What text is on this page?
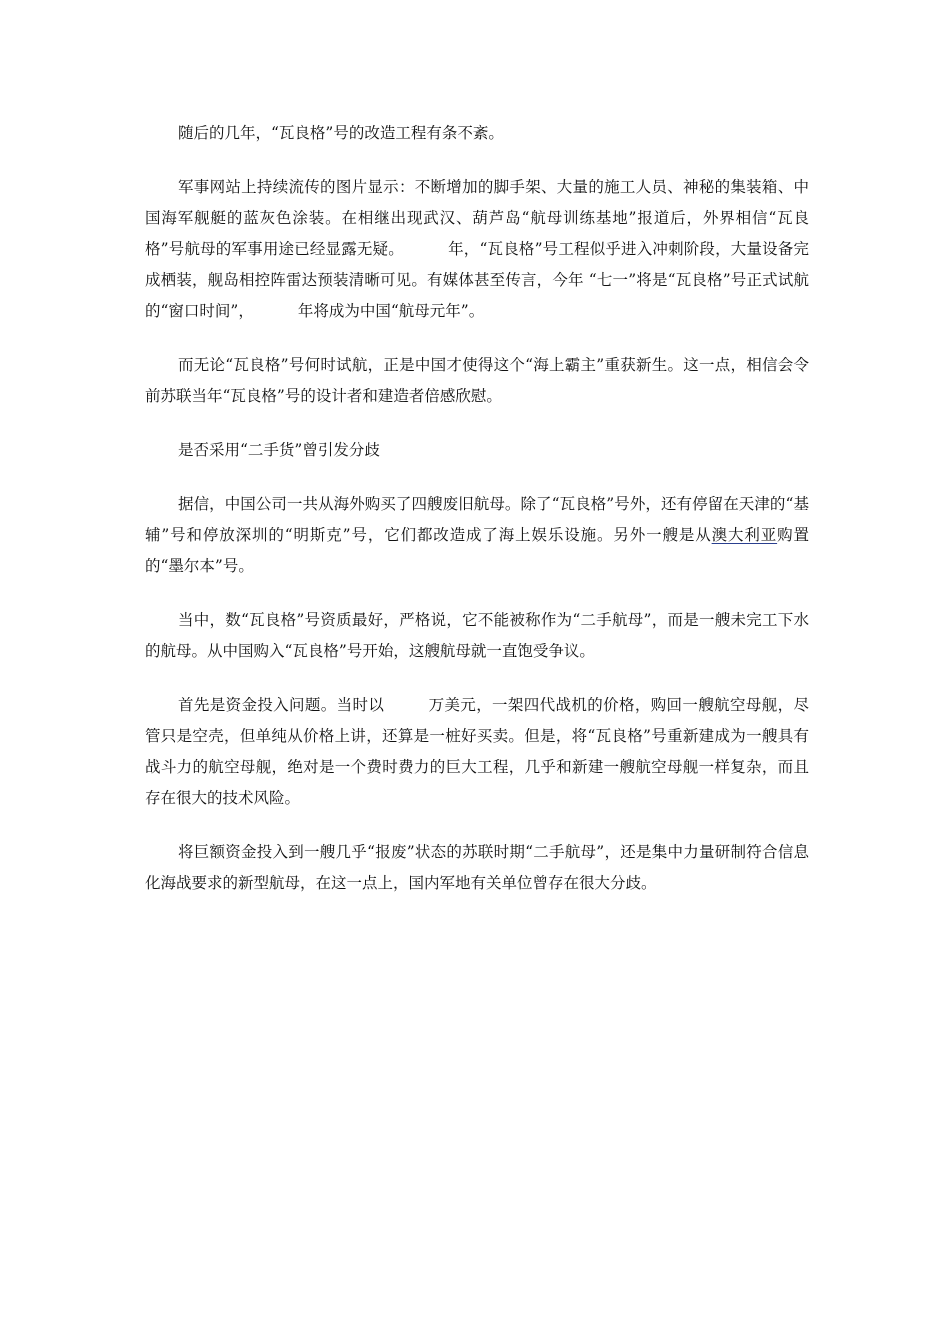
随后的几年，“瓦良格”号的改造工程有条不紊。

军事网站上持续流传的图片显示：不断增加的脚手架、大量的施工人员、神秘的集装箱、中国海军舰艇的蓝灰色涂装。在相继出现武汉、葫芦岛“航母训练基地”报道后，外界相信“瓦良格”号航母的军事用途已经显露无疑。	年，“瓦良格”号工程似乎进入冲刺阶段，大量设备完成栖装，舰岛相控阵雷达预装清晰可见。有媒体甚至传言，今年 “七一”将是“瓦良格”号正式试航的“窗口时间”，	年将成为中国“航母元年”。

而无论“瓦良格”号何时试航，正是中国才使得这个“海上霸主”重获新生。这一点，相信会令前苏联当年“瓦良格”号的设计者和建造者倍感欣慰。

是否采用“二手货”曾引发分歧

据信，中国公司一共从海外购买了四艘废旧航母。除了“瓦良格”号外，还有停留在天津的“基辅”号和停放深圳的“明斯克”号，它们都改造成了海上娱乐设施。另外一艘是从澳大利亚购置的“墨尔本”号。

当中，数“瓦良格”号资质最好，严格说，它不能被称作为“二手航母”，而是一艘未完工下水的航母。从中国购入“瓦良格”号开始，这艘航母就一直饱受争议。

首先是资金投入问题。当时以	万美元，一架四代战机的价格，购回一艘航空母舰，尽管只是空壳，但单纯从价格上讲，还算是一桩好买卖。但是，将“瓦良格”号重新建成为一艘具有战斗力的航空母舰，绝对是一个费时费力的巨大工程，几乎和新建一艘航空母舰一样复杂，而且存在很大的技术风险。

将巨额资金投入到一艘几乎“报废”状态的苏联时期“二手航母”，还是集中力量研制符合信息化海战要求的新型航母，在这一点上，国内军地有关单位曾存在很大分歧。
